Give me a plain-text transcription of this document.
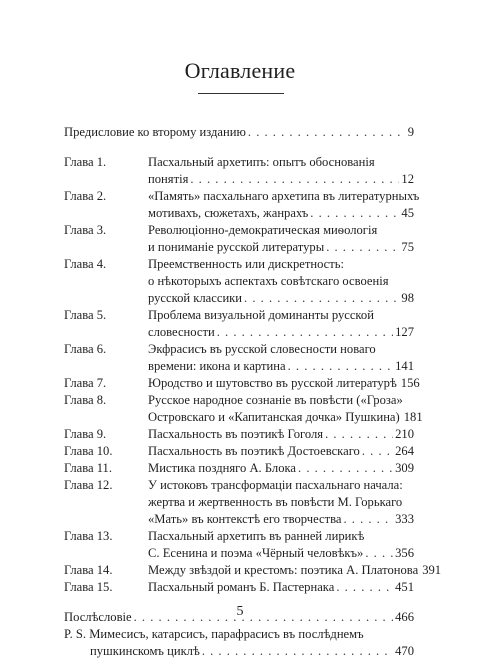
Оглавление
Предисловие ко второму изданию . . .	9
Глава 1.	Пасхальный архетипъ: опытъ обоснованія
понятія . . .	12
Глава 2.	«Память» пасхальнаго архетипа въ литературныхъ
мотивахъ, сюжетахъ, жанрахъ . . .	45
Глава 3.	Революціонно-демократическая миѳологія
и пониманіе русской литературы . . .	75
Глава 4.	Преемственность или дискретность:
о нѣкоторыхъ аспектахъ совѣтскаго освоенія
русской классики . . .	98
Глава 5.	Проблема визуальной доминанты русской
словесности . . .	127
Глава 6.	Экфрасисъ въ русской словесности новаго
времени: икона и картина . . .	141
Глава 7.	Юродство и шутовство въ русской литературѣ 156
Глава 8.	Русское народное сознаніе въ повѣсти («Гроза»
Островскаго и «Капитанская дочка» Пушкина) 181
Глава 9.	Пасхальность въ поэтикѣ Гоголя . . .	210
Глава 10.	Пасхальность въ поэтикѣ Достоевскаго . . .	264
Глава 11.	Мистика поздняго А. Блока . . .	309
Глава 12.	У истоковъ трансформаціи пасхальнаго начала:
жертва и жертвенность въ повѣсти М. Горькаго
«Мать» въ контекстѣ его творчества . . .	333
Глава 13.	Пасхальный архетипъ въ ранней лирикѣ
С. Есенина и поэма «Чёрный человѣкъ» . . .	356
Глава 14.	Между звѣздой и крестомъ: поэтика А. Платонова 391
Глава 15.	Пасхальный романъ Б. Пастернака . . .	451
Послѣсловіе . . .	466
P. S. Мимесисъ, катарсисъ, парафрасисъ въ послѣднемъ
пушкинскомъ циклѣ . . .	470
5
